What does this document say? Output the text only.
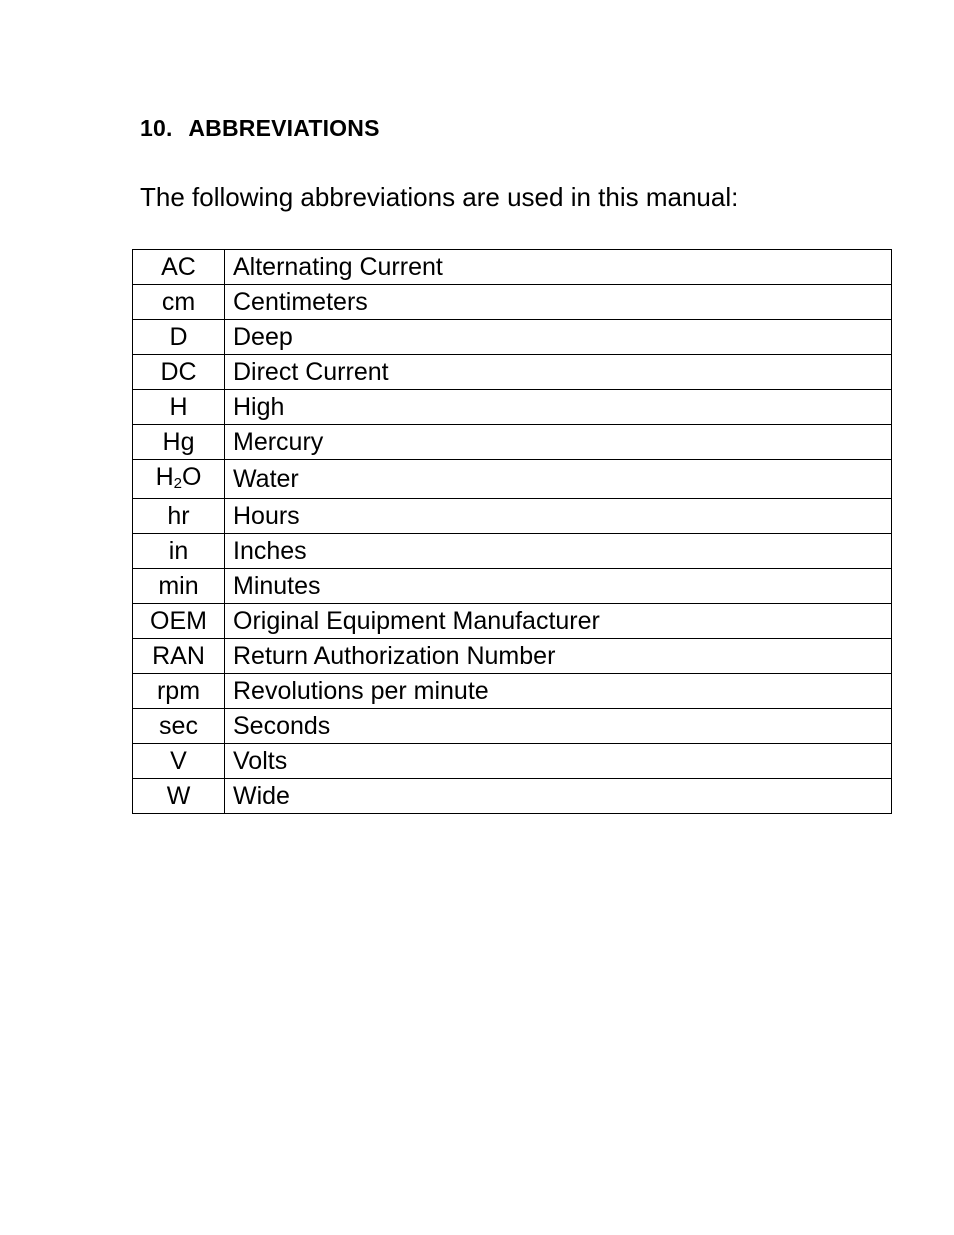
10. ABBREVIATIONS
The following abbreviations are used in this manual:
AC	Alternating Current
cm	Centimeters
D	Deep
DC	Direct Current
H	High
Hg	Mercury
H2O	Water
hr	Hours
in	Inches
min	Minutes
OEM	Original Equipment Manufacturer
RAN	Return Authorization Number
rpm	Revolutions per minute
sec	Seconds
V	Volts
W	Wide
